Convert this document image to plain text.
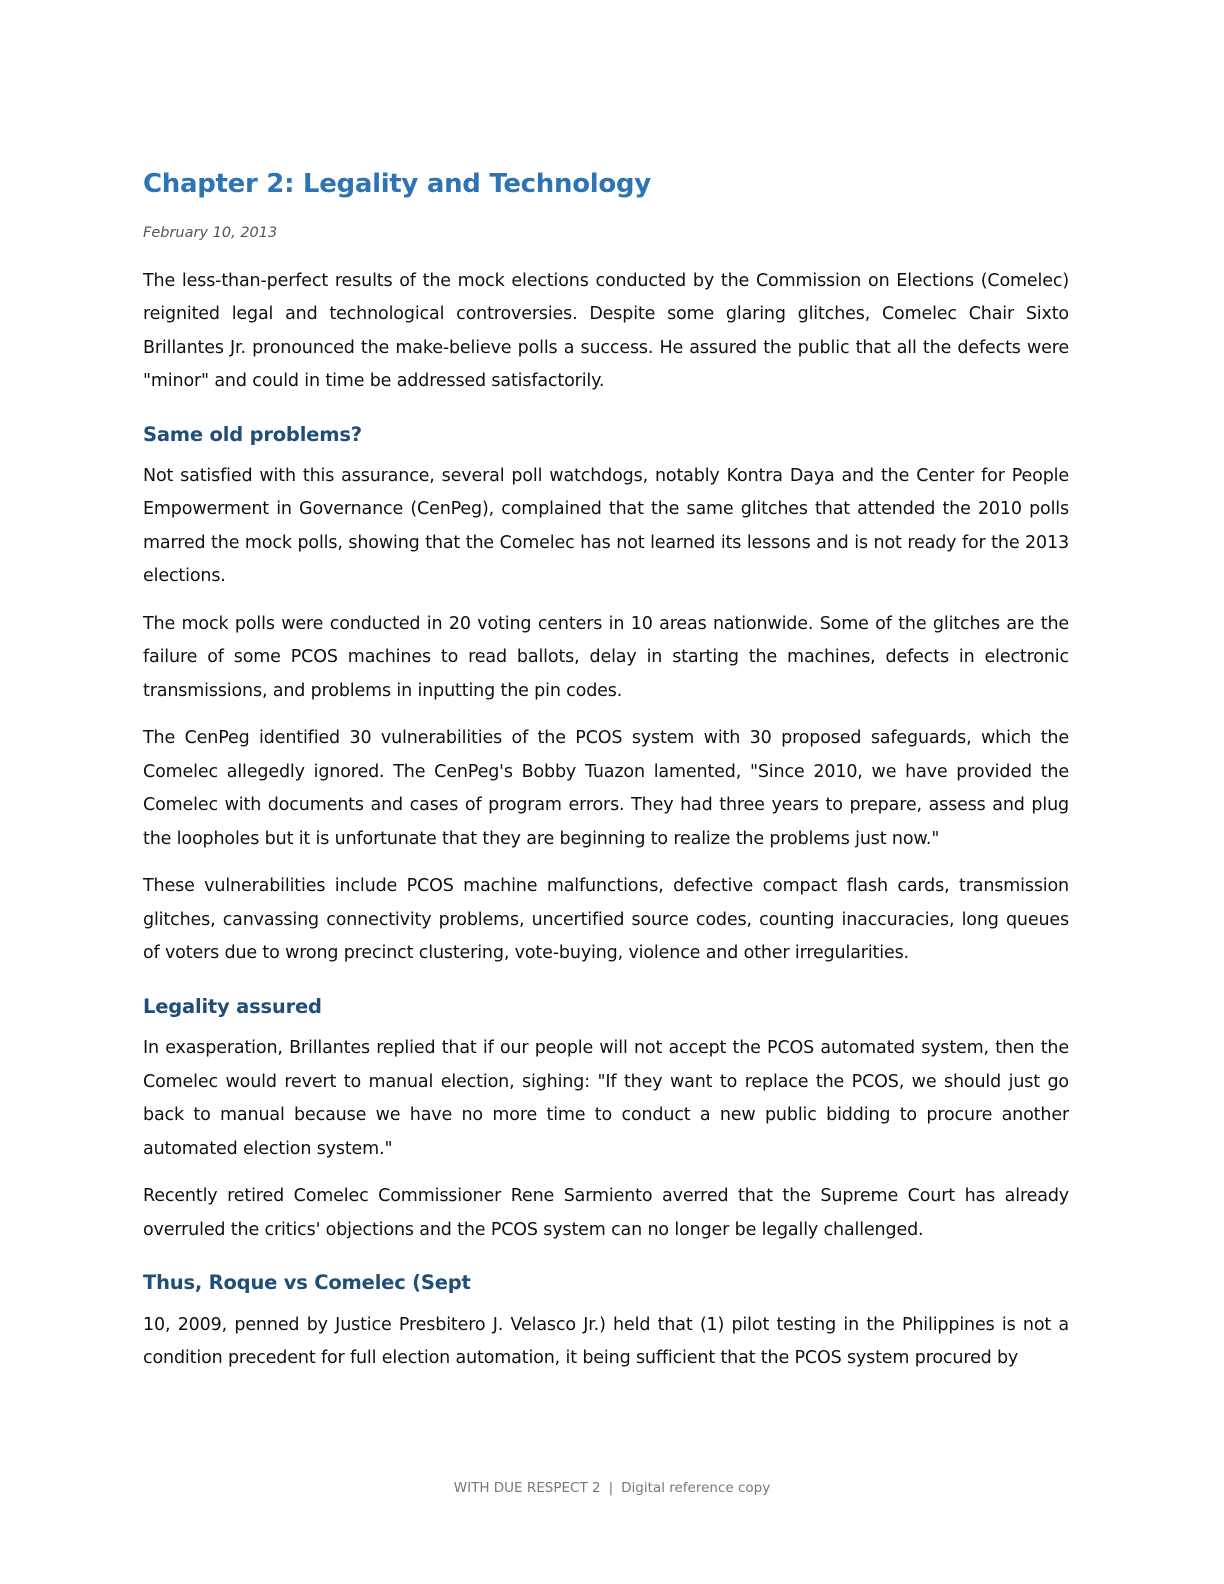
Chapter 2: Legality and Technology
February 10, 2013

The less-than-perfect results of the mock elections conducted by the Commission on Elections (Comelec) reignited legal and technological controversies. Despite some glaring glitches, Comelec Chair Sixto Brillantes Jr. pronounced the make-believe polls a success. He assured the public that all the defects were "minor" and could in time be addressed satisfactorily.

Same old problems?

Not satisfied with this assurance, several poll watchdogs, notably Kontra Daya and the Center for People Empowerment in Governance (CenPeg), complained that the same glitches that attended the 2010 polls marred the mock polls, showing that the Comelec has not learned its lessons and is not ready for the 2013 elections.

The mock polls were conducted in 20 voting centers in 10 areas nationwide. Some of the glitches are the failure of some PCOS machines to read ballots, delay in starting the machines, defects in electronic transmissions, and problems in inputting the pin codes.

The CenPeg identified 30 vulnerabilities of the PCOS system with 30 proposed safeguards, which the Comelec allegedly ignored. The CenPeg's Bobby Tuazon lamented, "Since 2010, we have provided the Comelec with documents and cases of program errors. They had three years to prepare, assess and plug the loopholes but it is unfortunate that they are beginning to realize the problems just now."

These vulnerabilities include PCOS machine malfunctions, defective compact flash cards, transmission glitches, canvassing connectivity problems, uncertified source codes, counting inaccuracies, long queues of voters due to wrong precinct clustering, vote-buying, violence and other irregularities.

Legality assured

In exasperation, Brillantes replied that if our people will not accept the PCOS automated system, then the Comelec would revert to manual election, sighing: "If they want to replace the PCOS, we should just go back to manual because we have no more time to conduct a new public bidding to procure another automated election system."

Recently retired Comelec Commissioner Rene Sarmiento averred that the Supreme Court has already overruled the critics' objections and the PCOS system can no longer be legally challenged.

Thus, Roque vs Comelec (Sept

10, 2009, penned by Justice Presbitero J. Velasco Jr.) held that (1) pilot testing in the Philippines is not a condition precedent for full election automation, it being sufficient that the PCOS system procured by

WITH DUE RESPECT 2 | Digital reference copy
